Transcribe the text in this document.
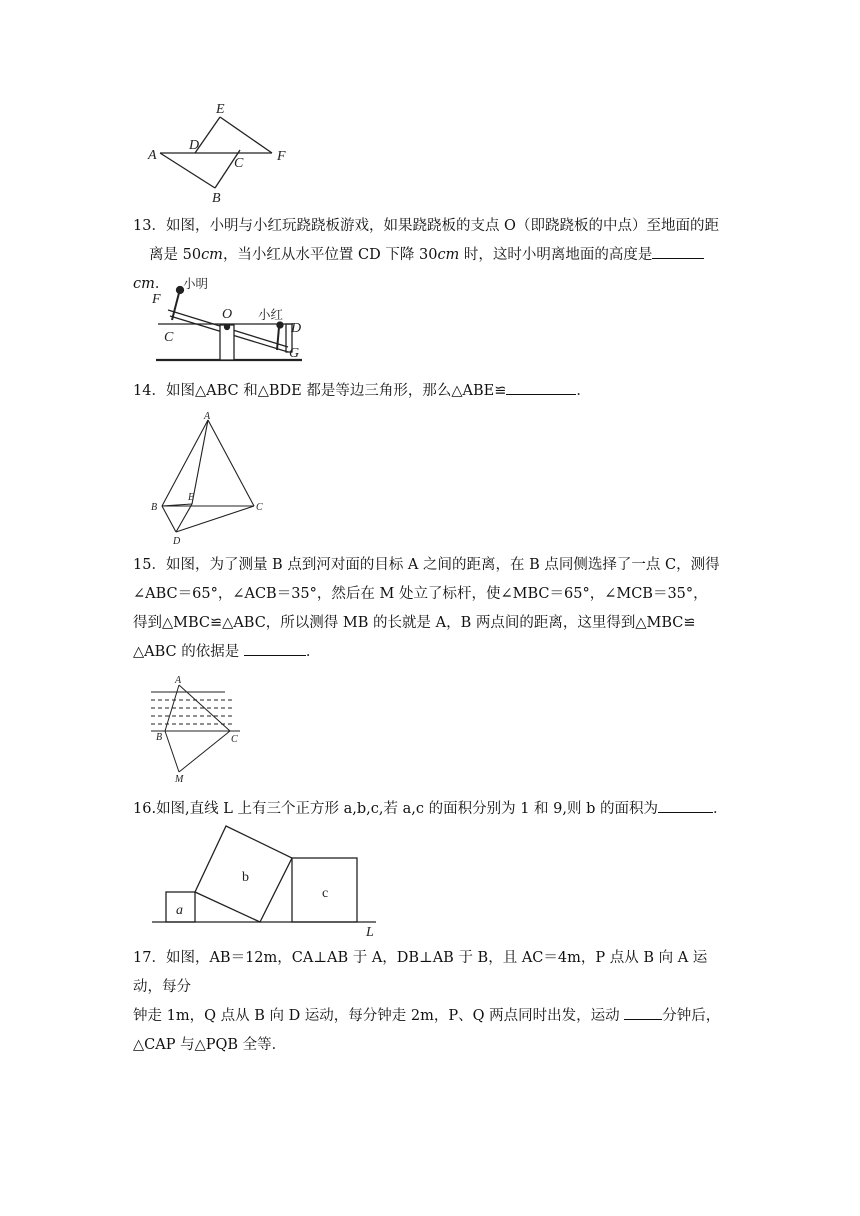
E
D
A
C F
B
13．如图，小明与小红玩跷跷板游戏，如果跷跷板的支点 O（即跷跷板的中点）至地面的距
离是 50cm，当小红从水平位置 CD 下降 30cm 时，这时小明离地面的高度是cm．	小明
小红
F
C
O
D
G
14．如图△ABC 和△BDE 都是等边三角形，那么△ABE≌	．
A
B
E
C
D
15．如图，为了测量 B 点到河对面的目标 A 之间的距离，在 B 点同侧选择了一点 C，测得
∠ABC＝65°，∠ACB＝35°，然后在 M 处立了标杆，使∠MBC＝65°，∠MCB＝35°，
得到△MBC≌△ABC，所以测得 MB 的长就是 A，B 两点间的距离，这里得到△MBC≌
△ABC 的依据是	．
A
B	C
M
16.如图,直线 L 上有三个正方形 a,b,c,若 a,c 的面积分别为 1 和 9,则 b 的面积为	．
a
b
c
L
17．如图，AB＝12m，CA⊥AB 于 A，DB⊥AB 于 B，且 AC＝4m，P 点从 B 向 A 运动，每分
钟走 1m，Q 点从 B 向 D 运动，每分钟走 2m，P、Q 两点同时出发，运动	分钟后，
△CAP 与△PQB 全等．
